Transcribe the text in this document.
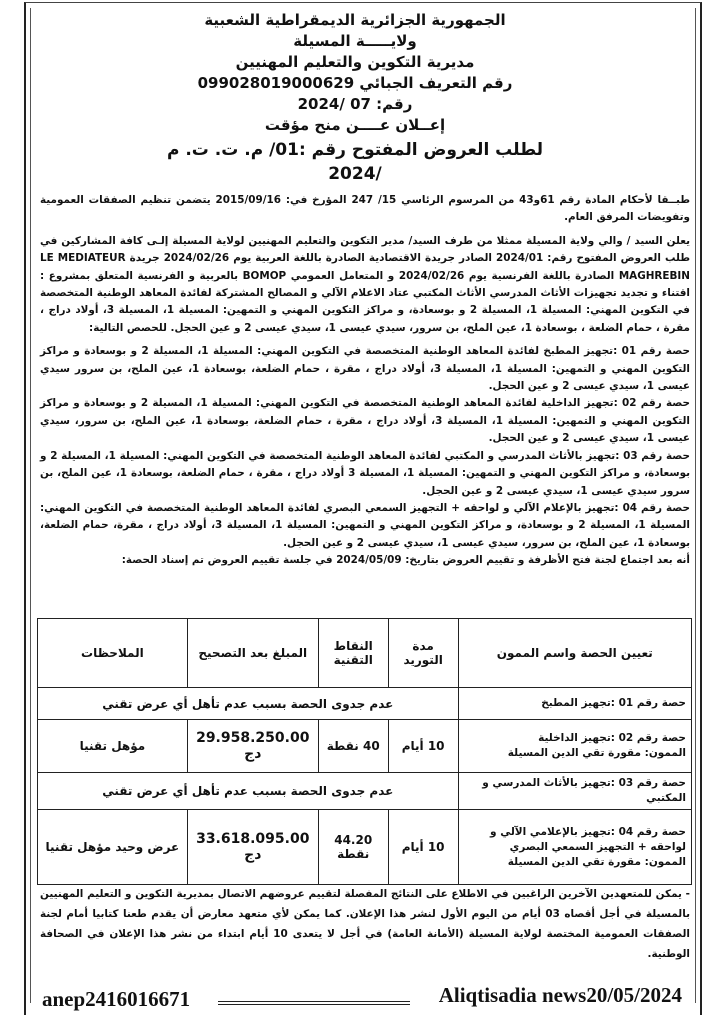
الجمهورية الجزائرية الديمقراطية الشعبية
ولايـــــة المسيلة
مديرية التكوين والتعليم المهنيين
رقم التعريف الجبائي 099028019000629
رقم: 07 /2024
إعــلان عــــن منح مؤقت
لطلب العروض المفتوح رقم :01/ م. ت. ت. م /2024

طبــقا لأحكام المادة رقم 61و43 من المرسوم الرئاسي 15/ 247 المؤرخ في: 2015/09/16 يتضمن تنظيم الصفقات العمومية وتفويضات المرفق العام.

يعلن السيد / والي ولاية المسيلة ممثلا من طرف السيد/ مدير التكوين والتعليم المهنيين لولاية المسيلة إلـى كافة المشاركين في طلب العروض المفتوح رقم: 2024/01 الصادر جريدة الاقتصادية الصادرة باللغة العربية يوم 2024/02/26 جريدة LE MEDIATEUR MAGHREBIN الصادرة باللغة الفرنسية يوم 2024/02/26 و المتعامل العمومي BOMOP بالعربية و الفرنسية المتعلق بمشروع : اقتناء و تجديد تجهيزات الأثاث المدرسي الأثاث المكتبي عتاد الاعلام الآلي و المصالح المشتركة لفائدة المعاهد الوطنية المتخصصة في التكوين المهني: المسيلة 1، المسيلة 2 و بوسعادة، و مراكز التكوين المهني و التمهين: المسيلة 1، المسيلة 3، أولاد دراج ، مقرة ، حمام الضلعة ، بوسعادة 1، عين الملح، بن سرور، سيدي عيسى 1، سيدي عيسى 2 و عين الحجل. للحصص التالية:

حصة رقم 01 :تجهيز المطبخ لفائدة المعاهد الوطنية المتخصصة في التكوين المهني: المسيلة 1، المسيلة 2 و بوسعادة و مراكز التكوين المهني و التمهين: المسيلة 1، المسيلة 3، أولاد دراج ، مقرة ، حمام الضلعة، بوسعادة 1، عين الملح، بن سرور سيدي عيسى 1، سيدي عيسى 2 و عين الحجل.

حصة رقم 02 :تجهيز الداخلية لفائدة المعاهد الوطنية المتخصصة في التكوين المهني: المسيلة 1، المسيلة 2 و بوسعادة و مراكز التكوين المهني و التمهين: المسيلة 1، المسيلة 3، أولاد دراج ، مقرة ، حمام الضلعة، بوسعادة 1، عين الملح، بن سرور، سيدي عيسى 1، سيدي عيسى 2 و عين الحجل.

حصة رقم 03 :تجهيز بالأثاث المدرسي و المكتبي لفائدة المعاهد الوطنية المتخصصة في التكوين المهني: المسيلة 1، المسيلة 2 و بوسعادة، و مراكز التكوين المهني و التمهين: المسيلة 1، المسيلة 3 أولاد دراج ، مقرة ، حمام الضلعة، بوسعادة 1، عين الملح، بن سرور سيدي عيسى 1، سيدي عيسى 2 و عين الحجل.

حصة رقم 04 :تجهيز بالإعلام الآلي و لواحقه + التجهيز السمعي البصري لفائدة المعاهد الوطنية المتخصصة في التكوين المهني: المسيلة 1، المسيلة 2 و بوسعادة، و مراكز التكوين المهني و التمهين: المسيلة 1، المسيلة 3، أولاد دراج ، مقرة، حمام الضلعة، بوسعادة 1، عين الملح، بن سرور، سيدي عيسى 1، سيدي عيسى 2 و عين الحجل.

أنه بعد اجتماع لجنة فتح الأظرفة و تقييم العروض بتاريخ: 2024/05/09 في جلسة تقييم العروض تم إسناد الحصة:

تعيين الحصة واسم الممون	مدة التوريد	النقاط التقنية	المبلغ بعد التصحيح	الملاحظات
حصة رقم 01 :تجهيز المطبخ	عدم جدوى الحصة بسبب عدم تأهل أي عرض تقني			

حصة رقم 02 :تجهيز الداخلية
الممون: مقورة تقي الدين المسيلة	10 أيام	40 نقطة	29.958.250.00 دج	مؤهل تقنيا
حصة رقم 03 :تجهيز بالأثاث المدرسي و المكتبي	عدم جدوى الحصة بسبب عدم تأهل أي عرض تقني			

حصة رقم 04 :تجهيز بالإعلامي الآلي و لواحقه + التجهيز السمعي البصري
الممون: مقورة تقي الدين المسيلة	10 أيام	44.20 نقطة	33.618.095.00 دج	عرض وحيد مؤهل تقنيا
- يمكن للمتعهدين الآخرين الراغبين في الاطلاع على النتائج المفصلة لتقييم عروضهم الاتصال بمديرية التكوين و التعليم المهنيين بالمسيلة في أجل أقصاه 03 أيام من اليوم الأول لنشر هذا الإعلان. كما يمكن لأي متعهد معارض أن يقدم طعنا كتابيا أمام لجنة الصفقات العمومية المختصة لولاية المسيلة (الأمانة العامة) في أجل لا يتعدى 10 أيام ابتداء من نشر هذا الإعلان في الصحافة الوطنية.
anep2416016671	Aliqtisadia news20/05/2024
